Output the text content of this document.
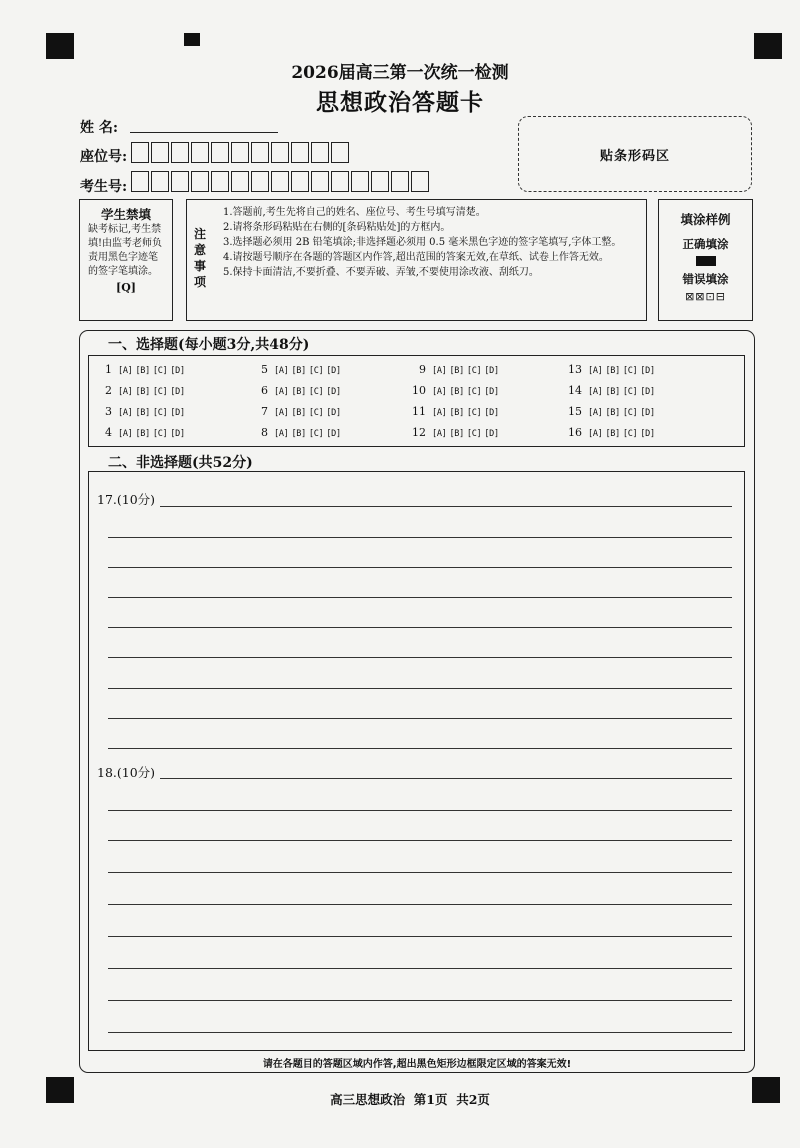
2026届高三第一次统一检测
思想政治答题卡
姓 名:
座位号:
考生号:
贴条形码区
学生禁填
缺考标记,考生禁填!由监考老师负责用黑色字迹笔的签字笔填涂。
[Q]
注意事项
1.答题前,考生先将自己的姓名、座位号、考生号填写清楚。
2.请将条形码粘贴在右侧的[条码粘贴处]的方框内。
3.选择题必须用 2B 铅笔填涂;非选择题必须用 0.5 毫米黑色字迹的签字笔填写,字体工整。
4.请按题号顺序在各题的答题区内作答,超出范围的答案无效,在草纸、试卷上作答无效。
5.保持卡面清洁,不要折叠、不要弄破、弄皱,不要使用涂改液、刮纸刀。
填涂样例
正确填涂
错误填涂
⊠⊠⊡⊟
一、选择题(每小题3分,共48分)
1 [A] [B] [C] [D]
2 [A] [B] [C] [D]
3 [A] [B] [C] [D]
4 [A] [B] [C] [D]
5 [A] [B] [C] [D]
6 [A] [B] [C] [D]
7 [A] [B] [C] [D]
8 [A] [B] [C] [D]
9 [A] [B] [C] [D]
10 [A] [B] [C] [D]
11 [A] [B] [C] [D]
12 [A] [B] [C] [D]
13 [A] [B] [C] [D]
14 [A] [B] [C] [D]
15 [A] [B] [C] [D]
16 [A] [B] [C] [D]
二、非选择题(共52分)
17.(10分)
18.(10分)
请在各题目的答题区域内作答,超出黑色矩形边框限定区域的答案无效!
高三思想政治  第1页  共2页
